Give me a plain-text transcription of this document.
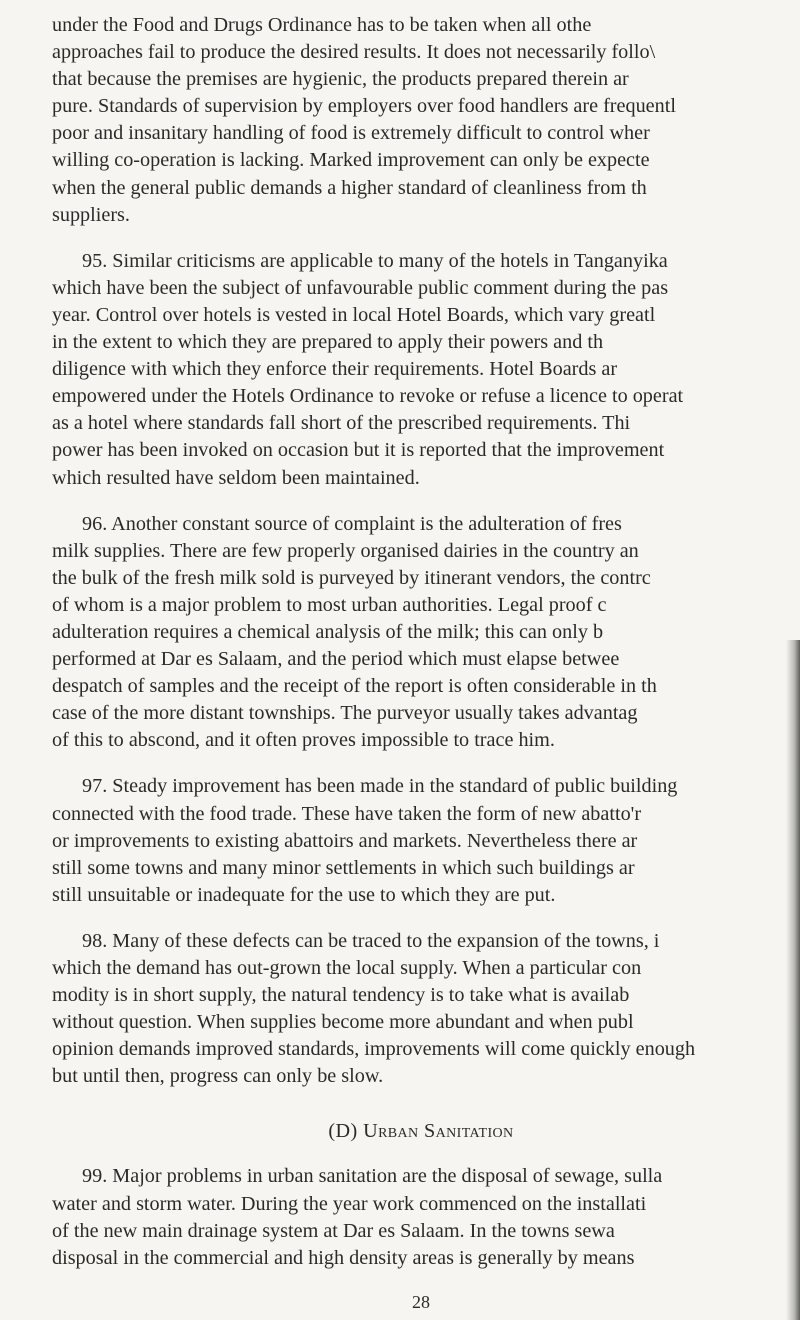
under the Food and Drugs Ordinance has to be taken when all othe
approaches fail to produce the desired results. It does not necessarily follo\
that because the premises are hygienic, the products prepared therein ar
pure. Standards of supervision by employers over food handlers are frequentl
poor and insanitary handling of food is extremely difficult to control wher
willing co-operation is lacking. Marked improvement can only be expecte
when the general public demands a higher standard of cleanliness from th
suppliers.

95. Similar criticisms are applicable to many of the hotels in Tanganyika
which have been the subject of unfavourable public comment during the pas
year. Control over hotels is vested in local Hotel Boards, which vary greatl
in the extent to which they are prepared to apply their powers and th
diligence with which they enforce their requirements. Hotel Boards ar
empowered under the Hotels Ordinance to revoke or refuse a licence to operat
as a hotel where standards fall short of the prescribed requirements. Thi
power has been invoked on occasion but it is reported that the improvement
which resulted have seldom been maintained.

96. Another constant source of complaint is the adulteration of fres
milk supplies. There are few properly organised dairies in the country an
the bulk of the fresh milk sold is purveyed by itinerant vendors, the contrc
of whom is a major problem to most urban authorities. Legal proof c
adulteration requires a chemical analysis of the milk; this can only b
performed at Dar es Salaam, and the period which must elapse betwee
despatch of samples and the receipt of the report is often considerable in th
case of the more distant townships. The purveyor usually takes advantag
of this to abscond, and it often proves impossible to trace him.

97. Steady improvement has been made in the standard of public building
connected with the food trade. These have taken the form of new abatto'r
or improvements to existing abattoirs and markets. Nevertheless there ar
still some towns and many minor settlements in which such buildings ar
still unsuitable or inadequate for the use to which they are put.

98. Many of these defects can be traced to the expansion of the towns, i
which the demand has out-grown the local supply. When a particular con
modity is in short supply, the natural tendency is to take what is availab
without question. When supplies become more abundant and when publ
opinion demands improved standards, improvements will come quickly enough
but until then, progress can only be slow.

(D) Urban Sanitation

99. Major problems in urban sanitation are the disposal of sewage, sulla
water and storm water. During the year work commenced on the installati
of the new main drainage system at Dar es Salaam. In the towns sewa
disposal in the commercial and high density areas is generally by means

28
